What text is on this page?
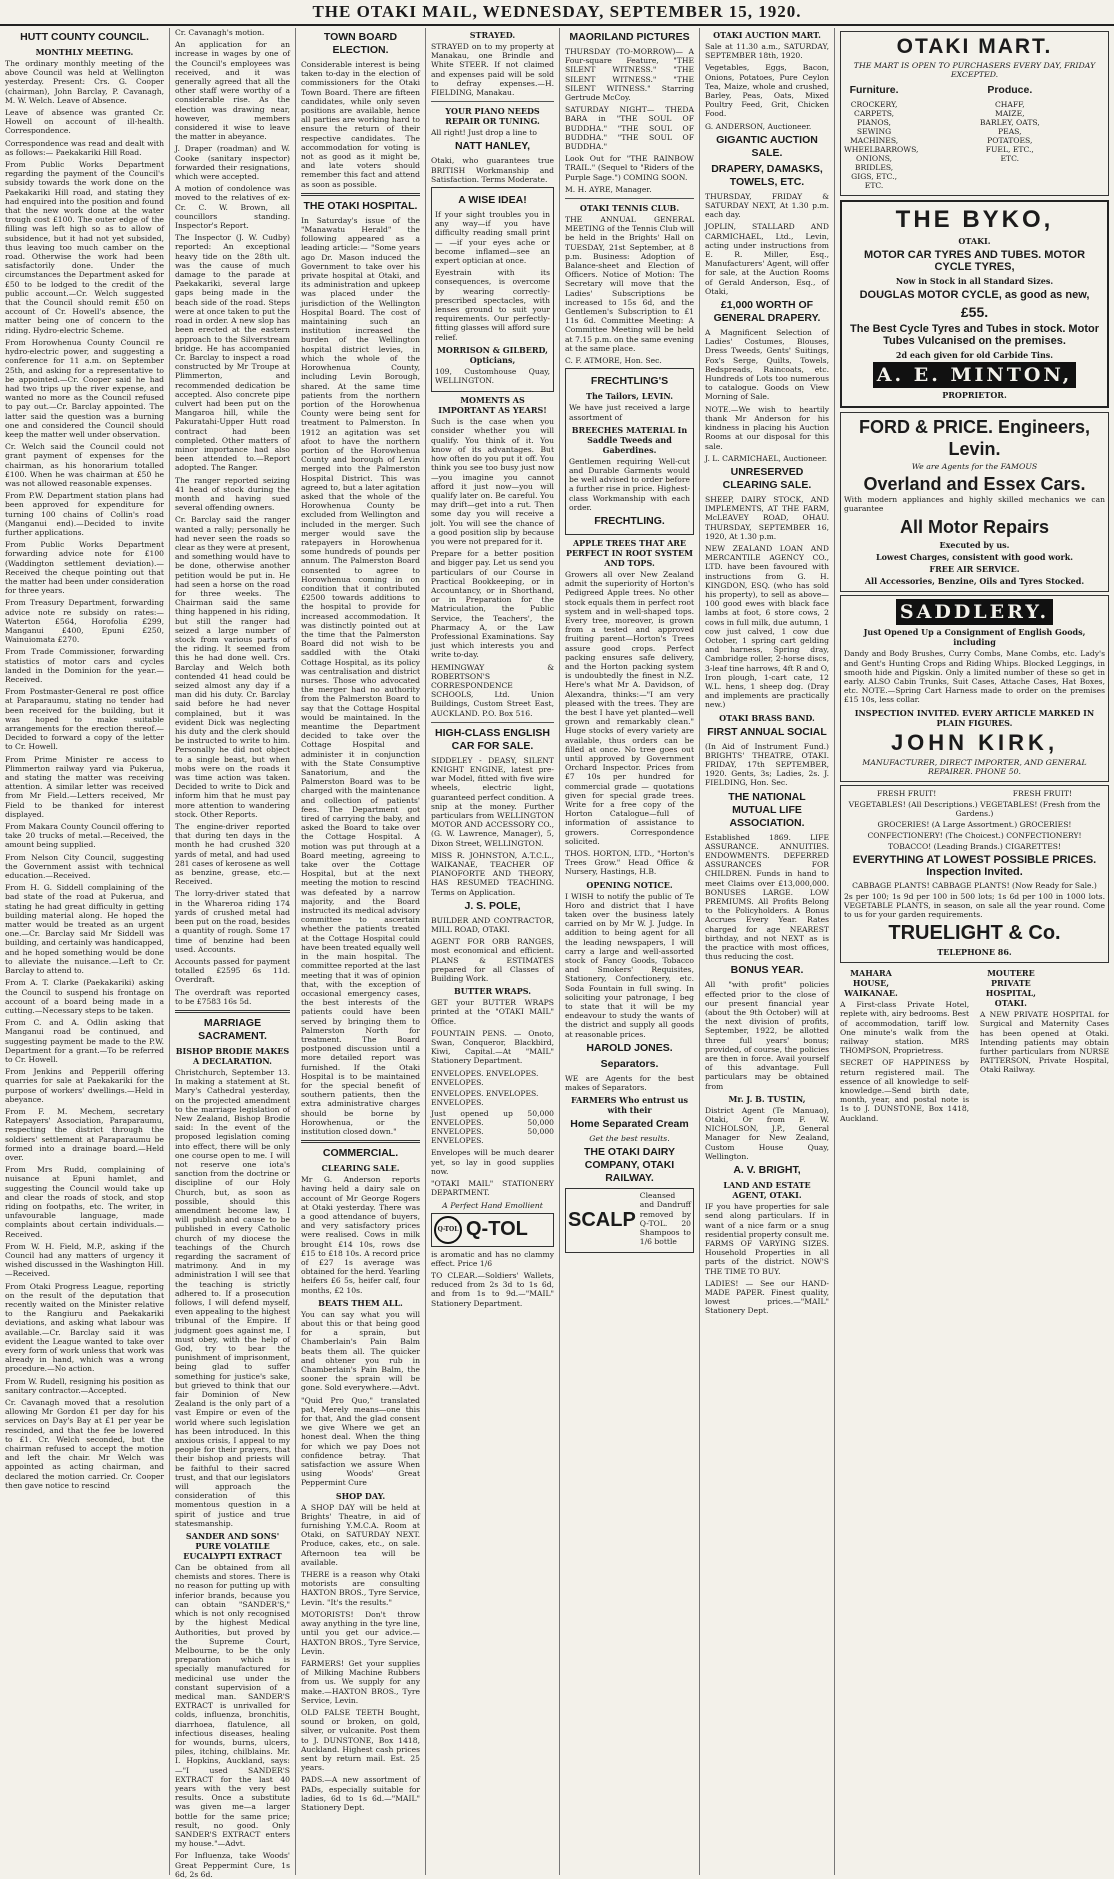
THE OTAKI MAIL, WEDNESDAY, SEPTEMBER 15, 1920.
HUTT COUNTY COUNCIL.
MONTHLY MEETING.

The ordinary monthly meeting of the above Council was held at Wellington yesterday. Present: Crs. G. Cooper (chairman), John Barclay, P. Cavanagh, M. W. Welch. Leave of Absence.

Leave of absence was granted Cr. Howell on account of ill-health. Correspondence.

Correspondence was read and dealt with as follows:— Paekakariki Hill Road.

From Public Works Department regarding the payment of the Council's subsidy towards the work done on the Paekakariki Hill road, and stating they had enquired into the position and found that the new work done at the water trough cost £100. The outer edge of the filling was left high so as to allow of subsidence, but it had not yet subsided, thus leaving too much camber on the road. Otherwise the work had been satisfactorily done. Under the circumstances the Department asked for £50 to be lodged to the credit of the public account.—Cr. Welch suggested that the Council should remit £50 on account of Cr. Howell's absence, the matter being one of concern to the riding. Hydro-electric Scheme.

From Horowhenua County Council re hydro-electric power, and suggesting a conference for 11 a.m. on September 25th, and asking for a representative to be appointed.—Cr. Cooper said he had had two trips up the river expense, and wanted no more as the Council refused to pay out.—Cr. Barclay appointed. The latter said the question was a burning one and considered the Council should keep the matter well under observation.

Cr. Welch said the Council could not grant payment of expenses for the chairman, as his honorarium totalled £100. When he was chairman at £50 he was not allowed reasonable expenses.

From P.W. Department station plans had been approved for expenditure for turning 100 chains of Collin's road (Manganui end).—Decided to invite further applications.

From Public Works Department forwarding advice note for £100 (Waddington settlement deviation).—Received the cheque pointing out that the matter had been under consideration for three years.

From Treasury Department, forwarding advice note re subsidy on rates:—Waterton £564, Horofolia £299, Manganui £400, Epuni £250, Wainuiomata £270.

From Trade Commissioner, forwarding statistics of motor cars and cycles landed in the Dominion for the year.—Received.

From Postmaster-General re post office at Paraparaumu, stating no tender had been received for the building, but it was hoped to make suitable arrangements for the erection thereof.—Decided to forward a copy of the letter to Cr. Howell.

From Prime Minister re access to Plimmerton railway yard via Pukerua, and stating the matter was receiving attention. A similar letter was received from Mr Field.—Letters received, Mr Field to be thanked for interest displayed.

From Makara County Council offering to take 20 trucks of metal.—Received, the amount being supplied.

From Nelson City Council, suggesting the Government assist with technical education.—Received.

From H. G. Siddell complaining of the bad state of the road at Pukerua, and stating he had great difficulty in getting building material along. He hoped the matter would be treated as an urgent one.—Cr. Barclay said Mr Siddell was building, and certainly was handicapped, and he hoped something would be done to alleviate the nuisance.—Left to Cr. Barclay to attend to.

From A. T. Clarke (Paekakariki) asking the Council to suspend his frontage on account of a board being made in a cutting.—Necessary steps to be taken.

From C. and A. Odlin asking that Manganui road be continued, and suggesting payment be made to the P.W. Department for a grant.—To be referred to Cr. Howell.

From Jenkins and Pepperill offering quarries for sale at Paekakariki for the purpose of workers' dwellings.—Held in abeyance.

From F. M. Mechem, secretary Ratepayers' Association, Paraparaumu, respecting the district through the soldiers' settlement at Paraparaumu be formed into a drainage board.—Held over.

From Mrs Rudd, complaining of nuisance at Epuni hamlet, and suggesting the Council would take up and clear the roads of stock, and stop riding on footpaths, etc. The writer, in unfavourable language, made complaints about certain individuals.—Received.

From W. H. Field, M.P., asking if the Council had any matters of urgency it wished discussed in the Washington Hill.—Received.

From Otaki Progress League, reporting on the result of the deputation that recently waited on the Minister relative to the Rangiuru and Paekakariki deviations, and asking what labour was available.—Cr. Barclay said it was evident the League wanted to take over every form of work unless that work was already in hand, which was a wrong procedure.—No action.

From W. Rudell, resigning his position as sanitary contractor.—Accepted.

Cr. Cavanagh moved that a resolution allowing Mr Gordon £1 per day for his services on Day's Bay at £1 per year be rescinded, and that the fee be lowered to £1. Cr. Welch seconded, but the chairman refused to accept the motion and left the chair. Mr Welch was appointed as acting chairman, and declared the motion carried. Cr. Cooper then gave notice to rescind

Cr. Cavanagh's motion.

An application for an increase in wages by one of the Council's employees was received, and it was generally agreed that all the other staff were worthy of a considerable rise. As the election was drawing near, however, members considered it wise to leave the matter in abeyance.

J. Draper (roadman) and W. Cooke (sanitary inspector) forwarded their resignations, which were accepted.

A motion of condolence was moved to the relatives of ex-Cr. C. W. Brown, all councillors standing. Inspector's Report.

The Inspector (J. W. Cudby) reported: An exceptional heavy tide on the 28th ult. was the cause of much damage to the parade at Paekakariki, several large gaps being made in the beach side of the road. Steps were at once taken to put the road in order. A new slop has been erected at the eastern approach to the Silverstream bridge. He has accompanied Cr. Barclay to inspect a road constructed by Mr Troupe at Plimmerton, and recommended dedication be accepted. Also concrete pipe culvert had been put on the Mangaroa hill, while the Pakuratahi-Upper Hutt road contract had been completed. Other matters of minor importance had also been attended to.—Report adopted. The Ranger.

The ranger reported seizing 41 head of stock during the month and having sued several offending owners.

Cr. Barclay said the ranger wanted a rally; personally he had never seen the roads so clear as they were at present, and something would have to be done, otherwise another petition would be put in. He had seen a horse on the road for three weeks. The Chairman said the same thing happened in his riding, but still the ranger had seized a large number of stock from various parts of the riding. It seemed from this he had done well. Crs. Barclay and Welch both contended 41 head could be seized almost any day if a man did his duty. Cr. Barclay said before he had never complained, but it was evident Dick was neglecting his duty and the clerk should be instructed to write to him. Personally he did not object to a single beast, but when mobs were on the roads it was time action was taken. Decided to write to Dick and inform him that he must pay more attention to wandering stock. Other Reports.

The engine-driver reported that during ten days in the month he had crushed 320 yards of metal, and had used 281 cases of kerosene as well as benzine, grease, etc.—Received.

The lorry-driver stated that in the Whareroa riding 174 yards of crushed metal had been put on the road, besides a quantity of rough. Some 17 time of benzine had been used. Accounts.

Accounts passed for payment totalled £2595 6s 11d. Overdraft.

The overdraft was reported to be £7583 16s 5d.

MARRIAGE SACRAMENT.
BISHOP BRODIE MAKES A DECLARATION.

Christchurch, September 13. In making a statement at St. Mary's Cathedral yesterday, on the projected amendment to the marriage legislation of New Zealand, Bishop Brodie said: In the event of the proposed legislation coming into effect, there will be only one course open to me. I will not reserve one iota's sanction from the doctrine or discipline of our Holy Church, but, as soon as possible, should this amendment become law, I will publish and cause to be published in every Catholic church of my diocese the teachings of the Church regarding the sacrament of matrimony. And in my administration I will see that the teaching is strictly adhered to. If a prosecution follows, I will defend myself, even appealing to the highest tribunal of the Empire. If judgment goes against me, I must obey, with the help of God, try to bear the punishment of imprisonment, being glad to suffer something for justice's sake, but grieved to think that our fair Dominion of New Zealand is the only part of a vast Empire or even of the world where such legislation has been introduced. In this anxious crisis, I appeal to my people for their prayers, that their bishop and priests will be faithful to their sacred trust, and that our legislators will approach the consideration of this momentous question in a spirit of justice and true statesmanship.

SANDER AND SONS' PURE VOLATILE EUCALYPTI EXTRACT

Can be obtained from all chemists and stores. There is no reason for putting up with inferior brands, because you can obtain "SANDER'S," which is not only recognised by the highest Medical Authorities, but proved by the Supreme Court, Melbourne, to be the only preparation which is specially manufactured for medicinal use under the constant supervision of a medical man. SANDER'S EXTRACT is unrivalled for colds, influenza, bronchitis, diarrhoea, flatulence, all infectious diseases, healing for wounds, burns, ulcers, piles, itching, chilblains. Mr. I. Hopkins, Auckland, says:—"I used SANDER'S EXTRACT for the last 40 years with the very best results. Once a substitute was given me—a larger bottle for the same price; result, no good. Only SANDER'S EXTRACT enters my house."—Advt.

For Influenza, take Woods' Great Peppermint Cure, 1s 6d, 2s 6d.

TOWN BOARD ELECTION.

Considerable interest is being taken to-day in the election of commissioners for the Otaki Town Board. There are fifteen candidates, while only seven positions are available, hence all parties are working hard to ensure the return of their respective candidates. The accommodation for voting is not as good as it might be, and late voters should remember this fact and attend as soon as possible.

THE OTAKI HOSPITAL.

In Saturday's issue of the "Manawatu Herald" the following appeared as a leading article:— "Some years ago Dr. Mason induced the Government to take over his private hospital at Otaki, and its administration and upkeep was placed under the jurisdiction of the Wellington Hospital Board. The cost of maintaining such an institution increased the burden of the Wellington hospital district levies, in which the whole of the Horowhenua County, including Levin Borough, shared. At the same time patients from the northern portion of the Horowhenua County were being sent for treatment to Palmerston. In 1912 an agitation was set afoot to have the northern portion of the Horowhenua County and borough of Levin merged into the Palmerston Hospital District. This was agreed to, but a later agitation asked that the whole of the Horowhenua County be excluded from Wellington and included in the merger. Such merger would save the ratepayers in Horowhenua some hundreds of pounds per annum. The Palmerston Board consented to agree to Horowhenua coming in on condition that it contributed £2500 towards additions to the hospital to provide for increased accommodation. It was distinctly pointed out at the time that the Palmerston Board did not wish to be saddled with the Otaki Cottage Hospital, as its policy was centralisation and district nurses. Those who advocated the merger had no authority from the Palmerston Board to say that the Cottage Hospital would be maintained. In the meantime the Department decided to take over the Cottage Hospital and administer it in conjunction with the State Consumptive Sanatorium, and the Palmerston Board was to be charged with the maintenance and collection of patients' fees. The Department got tired of carrying the baby, and asked the Board to take over the Cottage Hospital. A motion was put through at a Board meeting, agreeing to take over the Cottage Hospital, but at the next meeting the motion to rescind was defeated by a narrow majority, and the Board instructed its medical advisory committee to ascertain whether the patients treated at the Cottage Hospital could have been treated equally well in the main hospital. The committee reported at the last meeting that it was of opinion that, with the exception of occasional emergency cases, the best interests of the patients could have been served by bringing them to Palmerston North for treatment. The Board postponed discussion until a more detailed report was furnished. If the Otaki Hospital is to be maintained for the special benefit of southern patients, then the extra administrative charges should be borne by Horowhenua, or the institution closed down."

COMMERCIAL.
CLEARING SALE.

Mr G. Anderson reports having held a dairy sale on account of Mr George Rogers at Otaki yesterday. There was a good attendance of buyers, and very satisfactory prices were realised. Cows in milk brought £14 10s, rows dse £15 to £18 10s. A record price of £27 1s average was obtained for the herd. Yearling heifers £6 5s, heifer calf, four months, £2 10s.

BEATS THEM ALL.

You can say what you will about this or that being good for a sprain, but Chamberlain's Pain Balm beats them all. The quicker and ohtener you rub in Chamberlain's Pain Balm, the sooner the sprain will be gone. Sold everywhere.—Advt.

"Quid Pro Quo," translated pat, Merely means—one this for that, And the glad consent we give Where we get an honest deal. When the thing for which we pay Does not confidence betray. That satisfaction we assure When using Woods' Great Peppermint Cure

SHOP DAY.

A SHOP DAY will be held at Brights' Theatre, in aid of furnishing Y.M.C.A. Room at Otaki, on SATURDAY NEXT. Produce, cakes, etc., on sale. Afternoon tea will be available.

THERE is a reason why Otaki motorists are consulting HAXTON BROS., Tyre Service, Levin. "It's the results."

MOTORISTS! Don't throw away anything in the tyre line, until you get our advice.— HAXTON BROS., Tyre Service, Levin.

FARMERS! Get your supplies of Milking Machine Rubbers from us. We supply for any make.—HAXTON BROS., Tyre Service, Levin.

OLD FALSE TEETH Bought, sound or broken, on gold, silver, or vulcanite. Post them to J. DUNSTONE, Box 1418, Auckland. Highest cash prices sent by return mail. Est. 25 years.

PADS.—A new assortment of PADs, especially suitable for ladies, 6d to 1s 6d.—"MAIL" Stationery Dept.

STRAYED.

STRAYED on to my property at Manakau, one Brindle and White STEER. If not claimed and expenses paid will be sold to defray expenses.—H. FIELDING, Manakau.

YOUR PIANO NEEDS REPAIR OR TUNING.

All right! Just drop a line to

NATT HANLEY,

Otaki, who guarantees true BRITISH Workmanship and Satisfaction. Terms Moderate.

A WISE IDEA!

If your sight troubles you in any way—if you have difficulty reading small print— —if your eyes ache or become inflamed—see an expert optician at once.

Eyestrain with its consequences, is overcome by wearing correctly-prescribed spectacles, with lenses ground to suit your requirements. Our perfectly-fitting glasses will afford sure relief.

MORRISON & GILBERD, Opticians,

109, Customhouse Quay, WELLINGTON.

MOMENTS AS IMPORTANT AS YEARS!

Such is the case when you consider whether you will qualify. You think of it. You know of its advantages. But how often do you put it off. You think you see too busy just now—you imagine you cannot afford it just now—you will qualify later on. Be careful. You may drift—get into a rut. Then some day you will receive a jolt. You will see the chance of a good position slip by because you were not prepared for it.

Prepare for a better position and bigger pay. Let us send you particulars of our Course in Practical Bookkeeping, or in Accountancy, or in Shorthand, or in Preparation for the Matriculation, the Public Service, the Teachers', the Pharmacy A, or the Law Professional Examinations. Say just which interests you and write to-day.

HEMINGWAY & ROBERTSON'S CORRESPONDENCE SCHOOLS, Ltd. Union Buildings, Custom Street East, AUCKLAND. P.O. Box 516.

HIGH-CLASS ENGLISH CAR FOR SALE.

SIDDELEY - DEASY, SILENT KNIGHT ENGINE, latest pre-war Model, fitted with five wire wheels, electric light, guaranteed perfect condition. A snip at the money. Further particulars from WELLINGTON MOTOR AND ACCESSORY CO., (G. W. Lawrence, Manager), 5, Dixon Street, WELLINGTON.

MISS R. JOHNSTON, A.T.C.L., WAIKANAE, TEACHER OF PIANOFORTE AND THEORY, HAS RESUMED TEACHING. Terms on Application.

J. S. POLE,

BUILDER AND CONTRACTOR, MILL ROAD, OTAKI.

AGENT FOR ORB RANGES, most economical and efficient. PLANS & ESTIMATES prepared for all Classes of Building Work.

BUTTER WRAPS.

GET your BUTTER WRAPS printed at the "OTAKI MAIL" Office.

FOUNTAIN PENS. — Onoto, Swan, Conqueror, Blackbird, Kiwi, Capital.—At "MAIL" Stationery Department.

ENVELOPES. ENVELOPES. ENVELOPES.
ENVELOPES. ENVELOPES. ENVELOPES.

Just opened up 50,000 ENVELOPES. 50,000 ENVELOPES. 50,000 ENVELOPES.

Envelopes will be much dearer yet, so lay in good supplies now.

"OTAKI MAIL" STATIONERY DEPARTMENT.

A Perfect Hand Emollient
Q-TOL Q-TOL

is aromatic and has no clammy effect. Price 1/6

TO CLEAR.—Soldiers' Wallets, reduced from 2s 3d to 1s 6d, and from 1s to 9d.—"MAIL" Stationery Department.

MAORILAND PICTURES

THURSDAY (TO-MORROW)— A Four-square Feature, "THE SILENT WITNESS." "THE SILENT WITNESS." "THE SILENT WITNESS." Starring Gertrude McCoy.

SATURDAY NIGHT— THEDA BARA in "THE SOUL OF BUDDHA." "THE SOUL OF BUDDHA." "THE SOUL OF BUDDHA."

Look Out for "THE RAINBOW TRAIL." (Sequel to "Riders of the Purple Sage.") COMING SOON.

M. H. AYRE, Manager.

OTAKI TENNIS CLUB.

THE ANNUAL GENERAL MEETING of the Tennis Club will be held in the Brights' Hall on TUESDAY, 21st September, at 8 p.m. Business: Adoption of Balance-sheet and Election of Officers. Notice of Motion: The Secretary will move that the Ladies' Subscriptions be increased to 15s 6d, and the Gentlemen's Subscription to £1 11s 6d. Committee Meeting: A Committee Meeting will be held at 7.15 p.m. on the same evening at the same place.

C. F. ATMORE, Hon. Sec.

FRECHTLING'S
The Tailors, LEVIN.

We have just received a large assortment of

BREECHES MATERIAL In Saddle Tweeds and Gaberdines.

Gentlemen requiring Well-cut and Durable Garments would be well advised to order before a further rise in price. Highest-class Workmanship with each order.

FRECHTLING.
APPLE TREES THAT ARE PERFECT IN ROOT SYSTEM AND TOPS.

Growers all over New Zealand admit the superiority of Horton's Pedigreed Apple trees. No other stock equals them in perfect root system and in well-shaped tops. Every tree, moreover, is grown from a tested and approved fruiting parent—Horton's Trees assure good crops. Perfect packing ensures safe delivery, and the Horton packing system is undoubtedly the finest in N.Z. Here's what Mr A. Davidson, of Alexandra, thinks:—"I am very pleased with the trees. They are the best I have yet planted—well grown and remarkably clean." Huge stocks of every variety are available, thus orders can be filled at once. No tree goes out until approved by Government Orchard Inspector. Prices from £7 10s per hundred for commercial grade — quotations given for special grade trees. Write for a free copy of the Horton Catalogue—full of information of assistance to growers. Correspondence solicited.

THOS. HORTON, LTD., "Horton's Trees Grow." Head Office & Nursery, Hastings, H.B.

OPENING NOTICE.

I WISH to notify the public of Te Horo and district that I have taken over the business lately carried on by Mr W. J. Judge. In addition to being agent for all the leading newspapers, I will carry a large and well-assorted stock of Fancy Goods, Tobacco and Smokers' Requisites, Stationery, Confectionery, etc. Soda Fountain in full swing. In soliciting your patronage, I beg to state that it will be my endeavour to study the wants of the district and supply all goods at reasonable prices.

HAROLD JONES.
Separators.

WE are Agents for the best makes of Separators.

FARMERS Who entrust us with their
Home Separated Cream
Get the best results.
THE OTAKI DAIRY COMPANY, OTAKI RAILWAY.
SCALP

Cleansed and Dandruff removed by Q-TOL. 20 Shampoos to 1/6 bottle

OTAKI AUCTION MART.

Sale at 11.30 a.m., SATURDAY, SEPTEMBER 18th, 1920.

Vegetables, Eggs, Bacon, Onions, Potatoes, Pure Ceylon Tea, Maize, whole and crushed, Barley, Peas, Oats, Mixed Poultry Feed, Grit, Chicken Food.

G. ANDERSON, Auctioneer.

GIGANTIC AUCTION SALE.
DRAPERY, DAMASKS, TOWELS, ETC.

THURSDAY, FRIDAY & SATURDAY NEXT, At 1.30 p.m. each day.

JOPLIN, STALLARD AND CARMICHAEL, Ltd., Levin, acting under instructions from E. R. Miller, Esq., Manufacturers' Agent, will offer for sale, at the Auction Rooms of Gerald Anderson, Esq., of Otaki,

£1,000 WORTH OF GENERAL DRAPERY.

A Magnificent Selection of Ladies' Costumes, Blouses, Dress Tweeds, Gents' Suitings, Fox's Serge, Quilts, Towels, Bedspreads, Raincoats, etc. Hundreds of Lots too numerous to catalogue. Goods on View Morning of Sale.

NOTE.—We wish to heartily thank Mr Anderson for his kindness in placing his Auction Rooms at our disposal for this sale.

J. L. CARMICHAEL, Auctioneer.

UNRESERVED CLEARING SALE.

SHEEP, DAIRY STOCK, AND IMPLEMENTS, AT THE FARM, McLEAVEY ROAD, OHAU. THURSDAY, SEPTEMBER 16, 1920, At 1.30 p.m.

NEW ZEALAND LOAN AND MERCANTILE AGENCY CO., LTD. have been favoured with instructions from G. H. KINGDON, ESQ. (who has sold his property), to sell as above— 100 good ewes with black face lambs at foot, 6 store cows, 2 cows in full milk, due autumn, 1 cow just calved, 1 cow due October, 1 spring cart gelding and harness, Spring dray, Cambridge roller, 2-horse discs, 3-leaf tine harrows, 4ft R and O, Iron plough, 1-cart cate, 12 W.L. hens, 1 sheep dog. (Dray and implements are practically new.)

OTAKI BRASS BAND.
FIRST ANNUAL SOCIAL

(In Aid of Instrument Fund.) BRIGHTS' THEATRE, OTAKI. FRIDAY, 17th SEPTEMBER, 1920. Gents, 3s; Ladies, 2s. J. FIELDING, Hon. Sec.

THE NATIONAL MUTUAL LIFE ASSOCIATION.

Established 1869. LIFE ASSURANCE. ANNUITIES. ENDOWMENTS. DEFERRED ASSURANCES FOR CHILDREN. Funds in hand to meet Claims over £13,000,000. BONUSES LARGE. LOW PREMIUMS. All Profits Belong to the Policyholders. A Bonus Accrues Every Year. Rates charged for age NEAREST birthday, and not NEXT as is the practice with most offices, thus reducing the cost.

BONUS YEAR.

All "with profit" policies effected prior to the close of our present financial year (about the 9th October) will at the next division of profits, September, 1922, be allotted three full years' bonus; provided, of course, the policies are then in force. Avail yourself of this advantage. Full particulars may be obtained from

Mr. J. B. TUSTIN,

District Agent (Te Manuao), Otaki, Or from F. W. NICHOLSON, J.P., General Manager for New Zealand, Custom House Quay, Wellington.

A. V. BRIGHT,
LAND AND ESTATE AGENT, OTAKI.

IF you have properties for sale send along particulars. If in want of a nice farm or a snug residential property consult me. FARMS OF VARYING SIZES. Household Properties in all parts of the district. NOW'S THE TIME TO BUY.

LADIES! — See our HAND-MADE PAPER. Finest quality, lowest prices.—"MAIL" Stationery Dept.

OTAKI MART.
THE MART IS OPEN TO PURCHASERS EVERY DAY, FRIDAY EXCEPTED.
Furniture.
CROCKERY, CARPETS, PIANOS, SEWING MACHINES, WHEELBARROWS, ONIONS, BRIDLES, GIGS, ETC., ETC.
Produce.
CHAFF, MAIZE, BARLEY, OATS, PEAS, POTATOES, FUEL, ETC., ETC.
THE BYKO,
OTAKI.
MOTOR CAR TYRES AND TUBES. MOTOR CYCLE TYRES,
Now in Stock in all Standard Sizes.
DOUGLAS MOTOR CYCLE, as good as new,
£55.
The Best Cycle Tyres and Tubes in stock. Motor Tubes Vulcanised on the premises.
2d each given for old Carbide Tins.
A. E. MINTON,
PROPRIETOR.
FORD & PRICE. Engineers, Levin.
We are Agents for the FAMOUS
Overland and Essex Cars.

With modern appliances and highly skilled mechanics we can guarantee

All Motor Repairs
Executed by us.
Lowest Charges, consistent with good work.
FREE AIR SERVICE.
All Accessories, Benzine, Oils and Tyres Stocked.
SADDLERY.
Just Opened Up a Consignment of English Goods, including

Dandy and Body Brushes, Curry Combs, Mane Combs, etc. Lady's and Gent's Hunting Crops and Riding Whips. Blocked Leggings, in smooth hide and Pigskin. Only a limited number of these so get in early. ALSO Cabin Trunks, Suit Cases, Attache Cases, Hat Boxes, etc. NOTE.—Spring Cart Harness made to order on the premises £15 10s, less collar.

INSPECTION INVITED. EVERY ARTICLE MARKED IN PLAIN FIGURES.
JOHN KIRK,
MANUFACTURER, DIRECT IMPORTER, AND GENERAL REPAIRER. PHONE 50.
FRESH FRUIT!	FRESH FRUIT!
VEGETABLES! (All Descriptions.) VEGETABLES! (Fresh from the Gardens.)
GROCERIES! (A Large Assortment.) GROCERIES!
CONFECTIONERY! (The Choicest.) CONFECTIONERY!
TOBACCO! (Leading Brands.) CIGARETTES!
EVERYTHING AT LOWEST POSSIBLE PRICES. Inspection Invited.
CABBAGE PLANTS! CABBAGE PLANTS! (Now Ready for Sale.)

2s per 100; 1s 9d per 100 in 500 lots; 1s 6d per 100 in 1000 lots. VEGETABLE PLANTS, in season, on sale all the year round. Come to us for your garden requirements.

TRUELIGHT & Co.
TELEPHONE 86.
MAHARA HOUSE, WAIKANAE.

A First-class Private Hotel, replete with, airy bedrooms. Best of accommodation, tariff low. One minute's walk from the railway station. MRS THOMPSON, Proprietress.

SECRET OF HAPPINESS by return registered mail. The essence of all knowledge to self-knowledge.—Send birth date, month, year, and postal note is 1s to J. DUNSTONE, Box 1418, Auckland.

MOUTERE PRIVATE HOSPITAL, OTAKI.

A NEW PRIVATE HOSPITAL for Surgical and Maternity Cases has been opened at Otaki. Intending patients may obtain further particulars from NURSE PATTERSON, Private Hospital, Otaki Railway.
